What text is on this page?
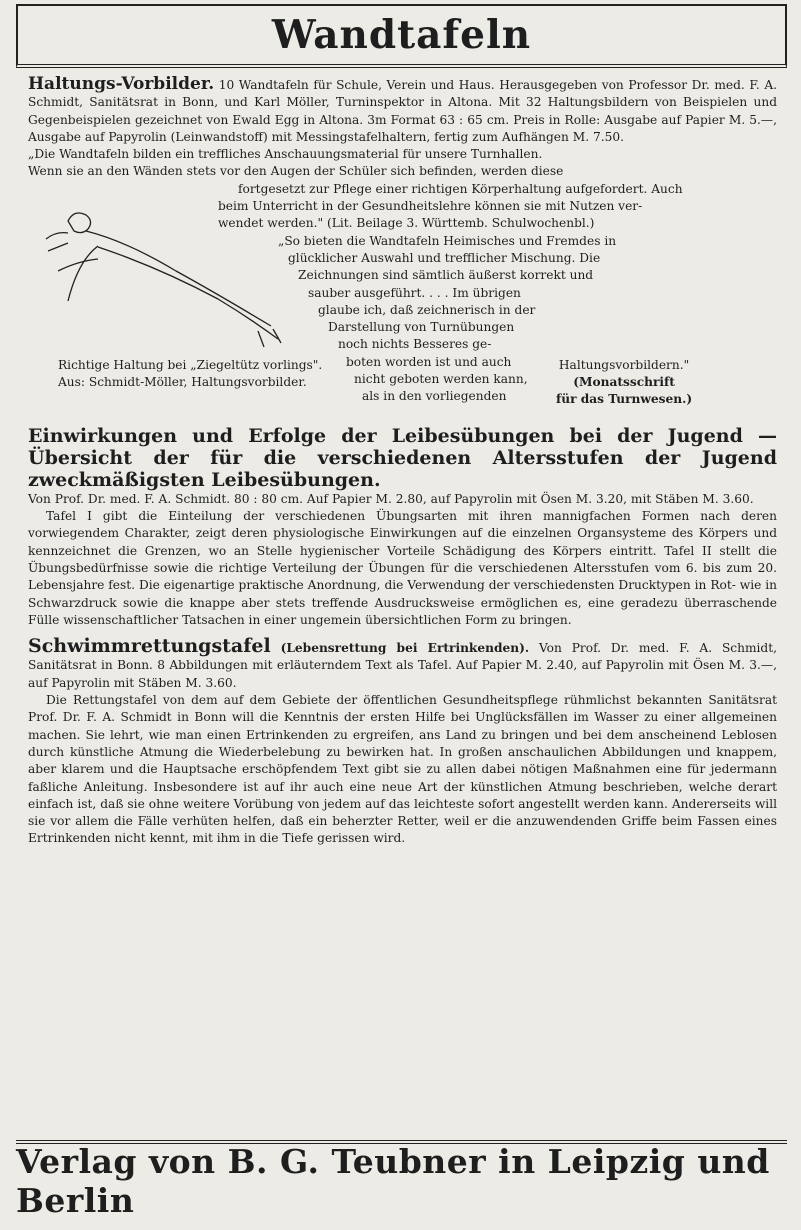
Wandtafeln

Haltungs-Vorbilder. 10 Wandtafeln für Schule, Verein und Haus. Herausgegeben von Professor Dr. med. F. A. Schmidt, Sanitätsrat in Bonn, und Karl Möller, Turninspektor in Altona. Mit 32 Haltungsbildern von Beispielen und Gegenbeispielen gezeichnet von Ewald Egg in Altona. 3m Format 63 : 65 cm. Preis in Rolle: Ausgabe auf Papier M. 5.—, Ausgabe auf Papyrolin (Leinwandstoff) mit Messingstafelhaltern, fertig zum Aufhängen M. 7.50.

„Die Wandtafeln bilden ein treffliches Anschauungsmaterial für unsere Turnhallen.

Wenn sie an den Wänden stets vor den Augen der Schüler sich befinden, werden diese

fortgesetzt zur Pflege einer richtigen Körperhaltung aufgefordert. Auch

beim Unterricht in der Gesundheitslehre können sie mit Nutzen ver-

wendet werden." (Lit. Beilage 3. Württemb. Schulwochenbl.)

„So bieten die Wandtafeln Heimisches und Fremdes in

glücklicher Auswahl und trefflicher Mischung. Die

Zeichnungen sind sämtlich äußerst korrekt und

sauber ausgeführt. . . . Im übrigen

glaube ich, daß zeichnerisch in der

Darstellung von Turnübungen

noch nichts Besseres ge-

boten worden ist und auch

nicht geboten werden kann,

als in den vorliegenden

Richtige Haltung bei „Ziegeltütz vorlings".
Aus: Schmidt-Möller, Haltungsvorbilder.
Haltungsvorbildern."
(Monatsschrift
für das Turnwesen.)

Einwirkungen und Erfolge der Leibesübungen bei der Jugend — Übersicht der für die verschiedenen Altersstufen der Jugend zweckmäßigsten Leibesübungen.

Von Prof. Dr. med. F. A. Schmidt. 80 : 80 cm. Auf Papier M. 2.80, auf Papyrolin mit Ösen M. 3.20, mit Stäben M. 3.60.

Tafel I gibt die Einteilung der verschiedenen Übungsarten mit ihren mannigfachen Formen nach deren vorwiegendem Charakter, zeigt deren physiologische Einwirkungen auf die einzelnen Organsysteme des Körpers und kennzeichnet die Grenzen, wo an Stelle hygienischer Vorteile Schädigung des Körpers eintritt. Tafel II stellt die Übungsbedürfnisse sowie die richtige Verteilung der Übungen für die verschiedenen Altersstufen vom 6. bis zum 20. Lebensjahre fest. Die eigenartige praktische Anordnung, die Verwendung der verschiedensten Drucktypen in Rot- wie in Schwarzdruck sowie die knappe aber stets treffende Ausdrucksweise ermöglichen es, eine geradezu überraschende Fülle wissenschaftlicher Tatsachen in einer ungemein übersichtlichen Form zu bringen.

Schwimmrettungstafel (Lebensrettung bei Ertrinkenden). Von Prof. Dr. med. F. A. Schmidt, Sanitätsrat in Bonn. 8 Abbildungen mit erläuterndem Text als Tafel. Auf Papier M. 2.40, auf Papyrolin mit Ösen M. 3.—, auf Papyrolin mit Stäben M. 3.60.

Die Rettungstafel von dem auf dem Gebiete der öffentlichen Gesundheitspflege rühmlichst bekannten Sanitätsrat Prof. Dr. F. A. Schmidt in Bonn will die Kenntnis der ersten Hilfe bei Unglücksfällen im Wasser zu einer allgemeinen machen. Sie lehrt, wie man einen Ertrinkenden zu ergreifen, ans Land zu bringen und bei dem anscheinend Leblosen durch künstliche Atmung die Wiederbelebung zu bewirken hat. In großen anschaulichen Abbildungen und knappem, aber klarem und die Hauptsache erschöpfendem Text gibt sie zu allen dabei nötigen Maßnahmen eine für jedermann faßliche Anleitung. Insbesondere ist auf ihr auch eine neue Art der künstlichen Atmung beschrieben, welche derart einfach ist, daß sie ohne weitere Vorübung von jedem auf das leichteste sofort angestellt werden kann. Andererseits will sie vor allem die Fälle verhüten helfen, daß ein beherzter Retter, weil er die anzuwendenden Griffe beim Fassen eines Ertrinkenden nicht kennt, mit ihm in die Tiefe gerissen wird.

Verlag von B. G. Teubner in Leipzig und Berlin
